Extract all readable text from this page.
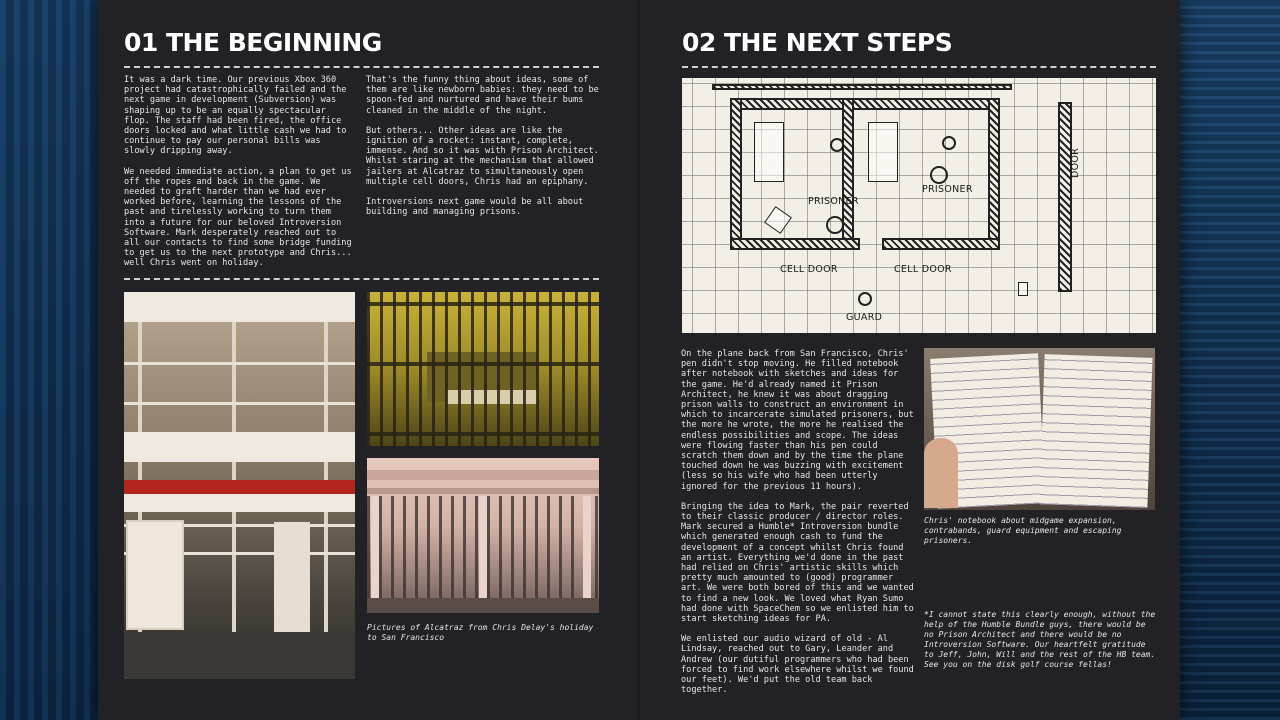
01 THE BEGINNING

It was a dark time. Our previous Xbox 360 project had catastrophically failed and the next game in development (Subversion) was shaping up to be an equally spectacular flop. The staff had been fired, the office doors locked and what little cash we had to continue to pay our personal bills was slowly dripping away.

We needed immediate action, a plan to get us off the ropes and back in the game. We needed to graft harder than we had ever worked before, learning the lessons of the past and tirelessly working to turn them into a future for our beloved Introversion Software. Mark desperately reached out to all our contacts to find some bridge funding to get us to the next prototype and Chris... well Chris went on holiday.

That's the funny thing about ideas, some of them are like newborn babies: they need to be spoon-fed and nurtured and have their bums cleaned in the middle of the night.

But others... Other ideas are like the ignition of a rocket: instant, complete, immense. And so it was with Prison Architect. Whilst staring at the mechanism that allowed jailers at Alcatraz to simultaneously open multiple cell doors, Chris had an epiphany.

Introversions next game would be all about building and managing prisons.

Pictures of Alcatraz from Chris Delay's holiday to San Francisco
02 THE NEXT STEPS
PRISONER
PRISONER
DOOR
CELL DOOR	CELL DOOR
GUARD

On the plane back from San Francisco, Chris' pen didn't stop moving. He filled notebook after notebook with sketches and ideas for the game. He'd already named it Prison Architect, he knew it was about dragging prison walls to construct an environment in which to incarcerate simulated prisoners, but the more he wrote, the more he realised the endless possibilities and scope. The ideas were flowing faster than his pen could scratch them down and by the time the plane touched down he was buzzing with excitement (less so his wife who had been utterly ignored for the previous 11 hours).

Bringing the idea to Mark, the pair reverted to their classic producer / director roles. Mark secured a Humble* Introversion bundle which generated enough cash to fund the development of a concept whilst Chris found an artist. Everything we'd done in the past had relied on Chris' artistic skills which pretty much amounted to (good) programmer art. We were both bored of this and we wanted to find a new look. We loved what Ryan Sumo had done with SpaceChem so we enlisted him to start sketching ideas for PA.

We enlisted our audio wizard of old - Al Lindsay, reached out to Gary, Leander and Andrew (our dutiful programmers who had been forced to find work elsewhere whilst we found our feet). We'd put the old team back together.

Chris' notebook about midgame expansion, contrabands, guard equipment and escaping prisoners.
*I cannot state this clearly enough, without the help of the Humble Bundle guys, there would be no Prison Architect and there would be no Introversion Software. Our heartfelt gratitude to Jeff, John, Will and the rest of the HB team. See you on the disk golf course fellas!
